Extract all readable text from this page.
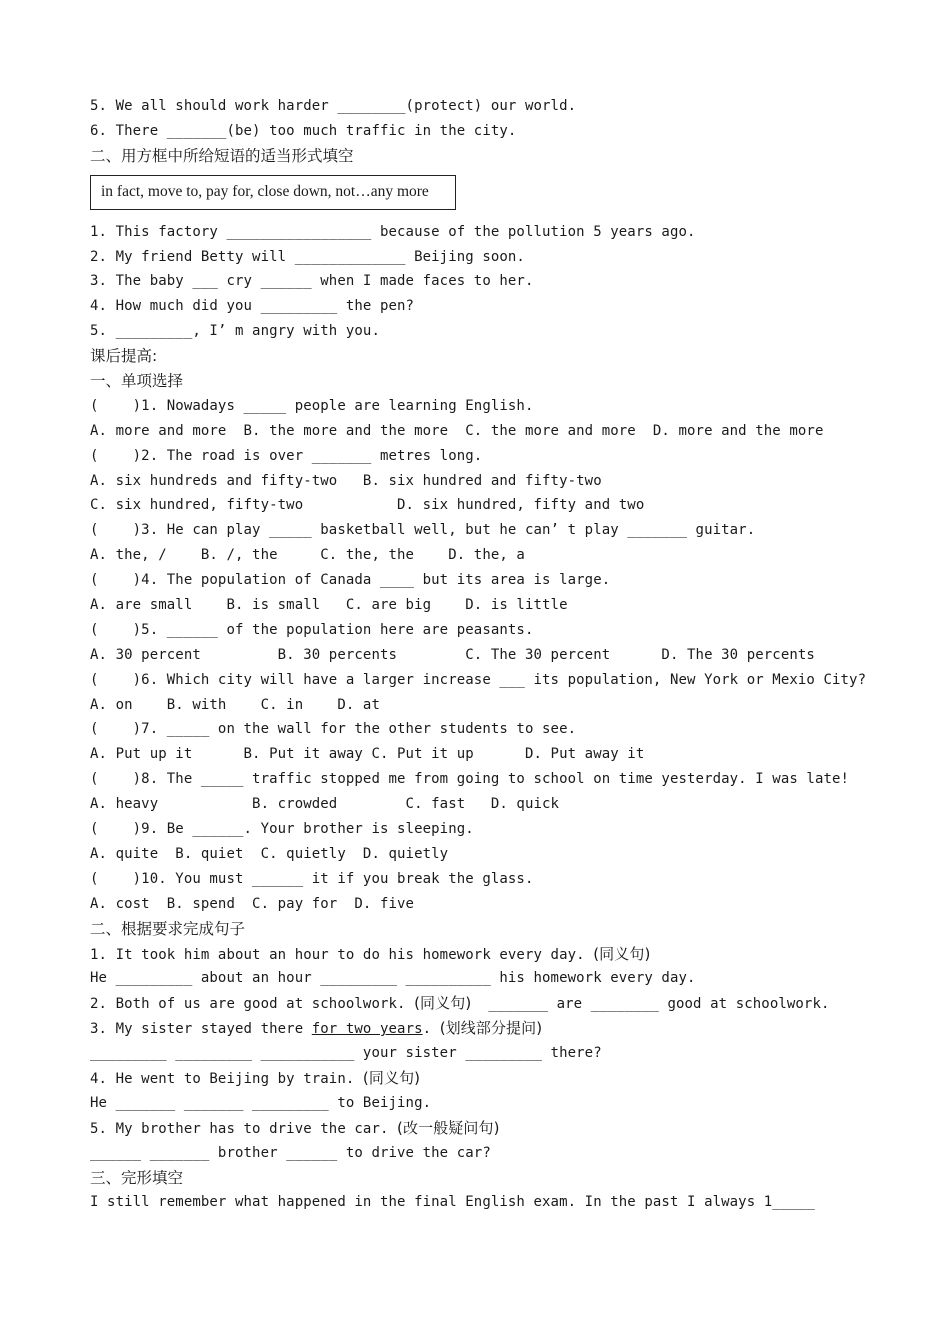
5. We all should work harder ________(protect) our world.
6. There _______(be) too much traffic in the city.
二、用方框中所给短语的适当形式填空
in fact, move to, pay for, close down, not…any more
1. This factory _________________ because of the pollution 5 years ago.
2. My friend Betty will _____________ Beijing soon.
3. The baby ___ cry ______ when I made faces to her.
4. How much did you _________ the pen?
5. _________, I’ m angry with you.
课后提高:
一、单项选择
(    )1. Nowadays _____ people are learning English.
A. more and more  B. the more and the more  C. the more and more  D. more and the more
(    )2. The road is over _______ metres long.
A. six hundreds and fifty-two   B. six hundred and fifty-two
C. six hundred, fifty-two           D. six hundred, fifty and two
(    )3. He can play _____ basketball well, but he can’ t play _______ guitar.
A. the, /    B. /, the     C. the, the    D. the, a
(    )4. The population of Canada ____ but its area is large.
A. are small    B. is small   C. are big    D. is little
(    )5. ______ of the population here are peasants.
A. 30 percent         B. 30 percents        C. The 30 percent      D. The 30 percents
(    )6. Which city will have a larger increase ___ its population, New York or Mexio City?
A. on    B. with    C. in    D. at
(    )7. _____ on the wall for the other students to see.
A. Put up it      B. Put it away C. Put it up      D. Put away it
(    )8. The _____ traffic stopped me from going to school on time yesterday. I was late!
A. heavy           B. crowded        C. fast   D. quick
(    )9. Be ______. Your brother is sleeping.
A. quite  B. quiet  C. quietly  D. quietly
(    )10. You must ______ it if you break the glass.
A. cost  B. spend  C. pay for  D. five
二、根据要求完成句子
1. It took him about an hour to do his homework every day. (同义句)
He _________ about an hour _________ __________ his homework every day.
2. Both of us are good at schoolwork. (同义句)  _______ are ________ good at schoolwork.
3. My sister stayed there for two years. (划线部分提问)
_________ _________ ___________ your sister _________ there?
4. He went to Beijing by train. (同义句)
He _______ _______ _________ to Beijing.
5. My brother has to drive the car. (改一般疑问句)
______ _______ brother ______ to drive the car?
三、完形填空
I still remember what happened in the final English exam. In the past I always 1_____
